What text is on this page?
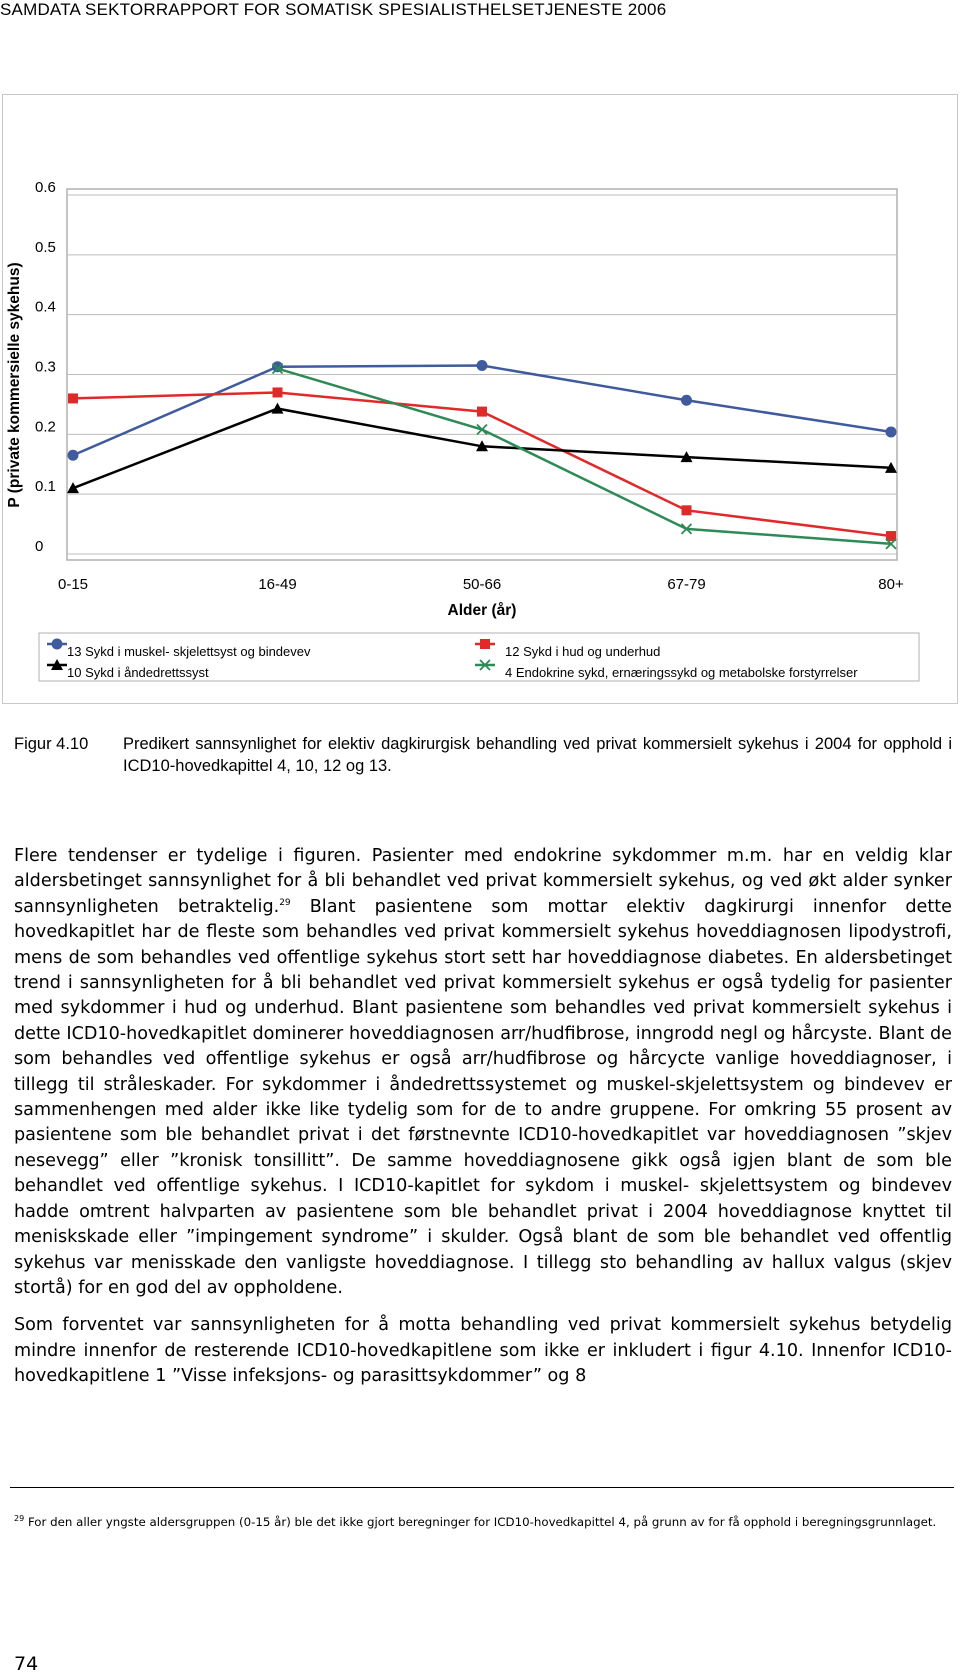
SAMDATA SEKTORRAPPORT FOR SOMATISK SPESIALISTHELSETJENESTE 2006
0
0.1
0.2
0.3
0.4
0.5
0.6
P (private kommersielle sykehus)
0-15	16-49	50-66	67-79	80+
Alder (år)
13 Sykd i muskel- skjelettsyst og bindevev	12 Sykd i hud og underhud
10 Sykd i åndedrettssyst	4 Endokrine sykd, ernæringssykd og metabolske forstyrrelser
Figur 4.10 Predikert sannsynlighet for elektiv dagkirurgisk behandling ved privat kommersielt sykehus i 2004 for opphold i ICD10-hovedkapittel 4, 10, 12 og 13.

Flere tendenser er tydelige i figuren. Pasienter med endokrine sykdommer m.m. har en veldig klar aldersbetinget sannsynlighet for å bli behandlet ved privat kommersielt sykehus, og ved økt alder synker sannsynligheten betraktelig.$^{29}$ Blant pasientene som mottar elektiv dagkirurgi innenfor dette hovedkapitlet har de fleste som behandles ved privat kommersielt sykehus hoveddiagnosen lipodystrofi, mens de som behandles ved offentlige sykehus stort sett har hoveddiagnose diabetes. En aldersbetinget trend i sannsynligheten for å bli behandlet ved privat kommersielt sykehus er også tydelig for pasienter med sykdommer i hud og underhud. Blant pasientene som behandles ved privat kommersielt sykehus i dette ICD10-hovedkapitlet dominerer hoveddiagnosen arr/hudfibrose, inngrodd negl og hårcyste. Blant de som behandles ved offentlige sykehus er også arr/hudfibrose og hårcycte vanlige hoveddiagnoser, i tillegg til stråleskader. For sykdommer i åndedrettssystemet og muskel-skjelettsystem og bindevev er sammenhengen med alder ikke like tydelig som for de to andre gruppene. For omkring 55 prosent av pasientene som ble behandlet privat i det førstnevnte ICD10-hovedkapitlet var hoveddiagnosen ”skjev nesevegg” eller ”kronisk tonsillitt”. De samme hoveddiagnosene gikk også igjen blant de som ble behandlet ved offentlige sykehus. I ICD10-kapitlet for sykdom i muskel- skjelettsystem og bindevev hadde omtrent halvparten av pasientene som ble behandlet privat i 2004 hoveddiagnose knyttet til meniskskade eller ”impingement syndrome” i skulder. Også blant de som ble behandlet ved offentlig sykehus var menisskade den vanligste hoveddiagnose. I tillegg sto behandling av hallux valgus (skjev stortå) for en god del av oppholdene.

Som forventet var sannsynligheten for å motta behandling ved privat kommersielt sykehus betydelig mindre innenfor de resterende ICD10-hovedkapitlene som ikke er inkludert i figur 4.10. Innenfor ICD10-hovedkapitlene 1 ”Visse infeksjons- og parasittsykdommer” og 8

$^{29}$ For den aller yngste aldersgruppen (0-15 år) ble det ikke gjort beregninger for ICD10-hovedkapittel 4, på grunn av for få opphold i beregningsgrunnlaget.
74
